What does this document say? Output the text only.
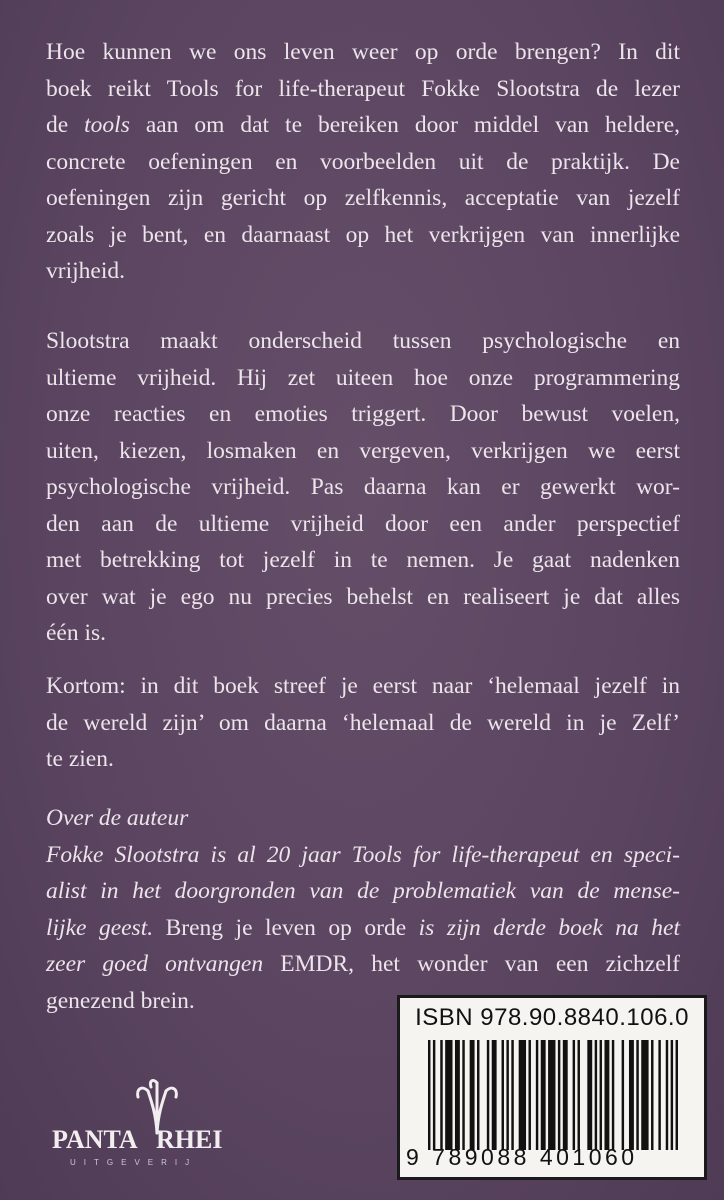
Hoe kunnen we ons leven weer op orde brengen? In dit
boek reikt Tools for life-therapeut Fokke Slootstra de lezer
de tools aan om dat te bereiken door middel van heldere,
concrete oefeningen en voorbeelden uit de praktijk. De
oefeningen zijn gericht op zelfkennis, acceptatie van jezelf
zoals je bent, en daarnaast op het verkrijgen van innerlijke
vrijheid.
Slootstra maakt onderscheid tussen psychologische en
ultieme vrijheid. Hij zet uiteen hoe onze programmering
onze reacties en emoties triggert. Door bewust voelen,
uiten, kiezen, losmaken en vergeven, verkrijgen we eerst
psychologische vrijheid. Pas daarna kan er gewerkt wor-
den aan de ultieme vrijheid door een ander perspectief
met betrekking tot jezelf in te nemen. Je gaat nadenken
over wat je ego nu precies behelst en realiseert je dat alles
één is.
Kortom: in dit boek streef je eerst naar ‘helemaal jezelf in
de wereld zijn’ om daarna ‘helemaal de wereld in je Zelf’
te zien.
Over de auteur
Fokke Slootstra is al 20 jaar Tools for life-therapeut en speci-
alist in het doorgronden van de problematiek van de mense-
lijke geest. Breng je leven op orde is zijn derde boek na het
zeer goed ontvangen EMDR, het wonder van een zichzelf
genezend brein.
ISBN 978.90.8840.106.0
9 789088 401060
PANTA RHEI
UITGEVERIJ
